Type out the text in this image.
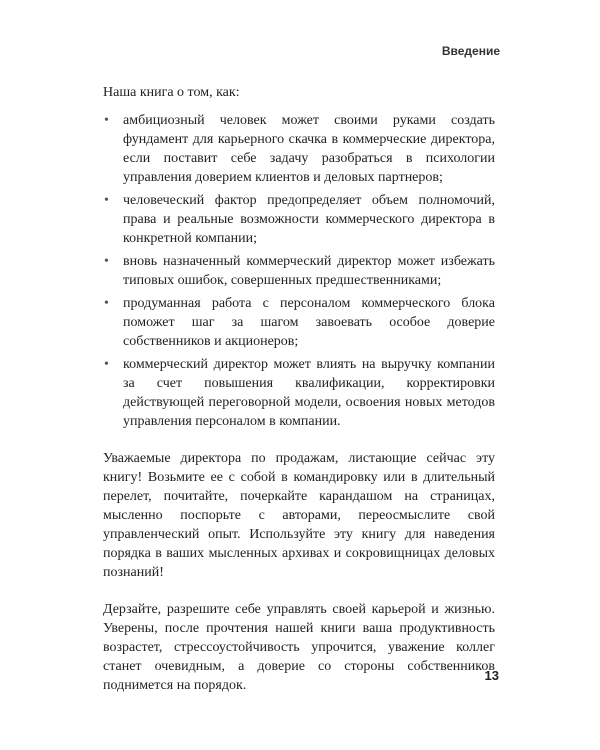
Введение

Наша книга о том, как:

• амбициозный человек может своими руками создать фундамент для карьерного скачка в коммерческие директора, если поставит себе задачу разобраться в психологии управления доверием клиентов и деловых партнеров;
• человеческий фактор предопределяет объем полномочий, права и реальные возможности коммерческого директора в конкретной компании;
• вновь назначенный коммерческий директор может избежать типовых ошибок, совершенных предшественниками;
• продуманная работа с персоналом коммерческого блока поможет шаг за шагом завоевать особое доверие собственников и акционеров;
• коммерческий директор может влиять на выручку компании за счет повышения квалификации, корректировки действующей переговорной модели, освоения новых методов управления персоналом в компании.

Уважаемые директора по продажам, листающие сейчас эту книгу! Возьмите ее с собой в командировку или в длительный перелет, почитайте, почеркайте карандашом на страницах, мысленно поспорьте с авторами, переосмыслите свой управленческий опыт. Используйте эту книгу для наведения порядка в ваших мысленных архивах и сокровищницах деловых познаний!

Дерзайте, разрешите себе управлять своей карьерой и жизнью. Уверены, после прочтения нашей книги ваша продуктивность возрастет, стрессоустойчивость упрочится, уважение коллег станет очевидным, а доверие со стороны собственников поднимется на порядок.

13
